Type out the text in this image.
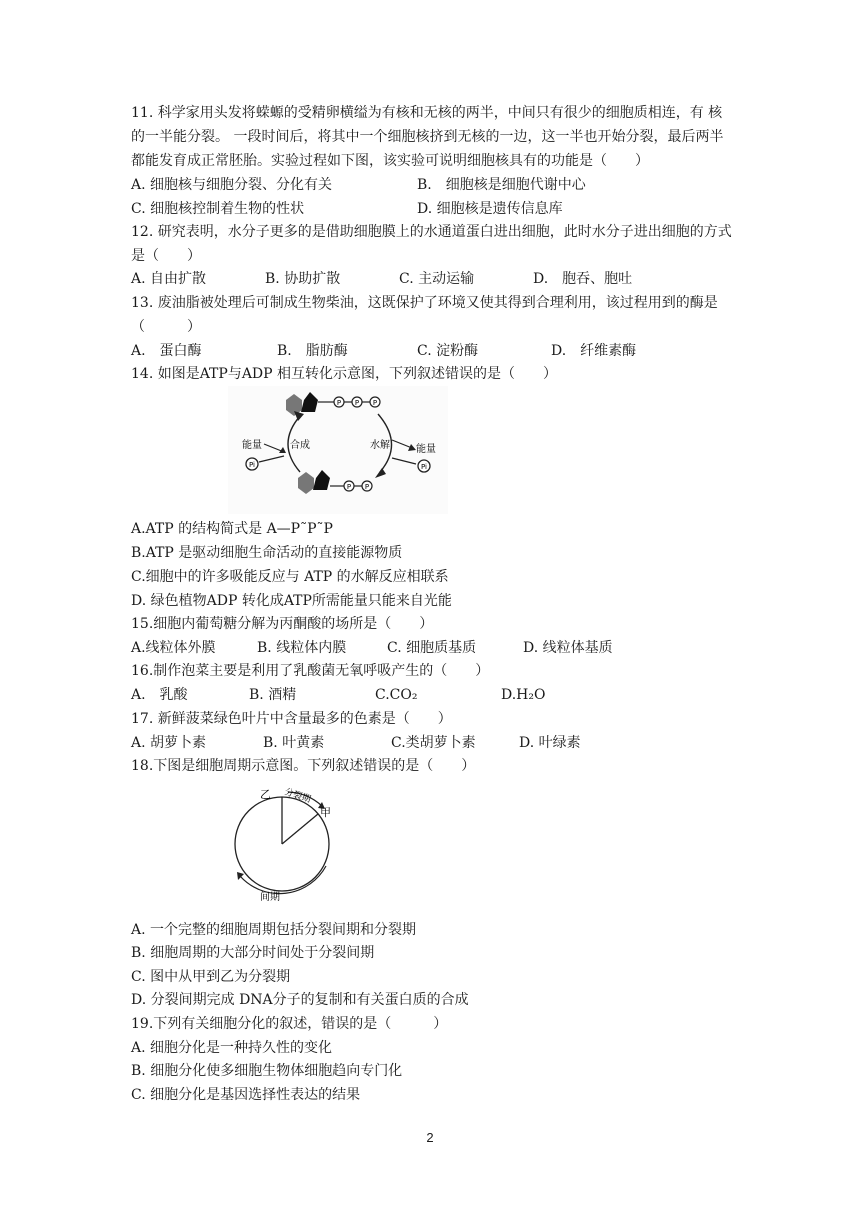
11. 科学家用头发将蝾螈的受精卵横缢为有核和无核的两半，中间只有很少的细胞质相连，有 核
的一半能分裂。 一段时间后，将其中一个细胞核挤到无核的一边，这一半也开始分裂，最后两半
都能发育成正常胚胎。实验过程如下图，该实验可说明细胞核具有的功能是（　　）
A. 细胞核与细胞分裂、分化有关	B.　细胞核是细胞代谢中心
C. 细胞核控制着生物的性状	D. 细胞核是遗传信息库
12. 研究表明，水分子更多的是借助细胞膜上的水通道蛋白进出细胞，此时水分子进出细胞的方式
是（　　）
A. 自由扩散	B. 协助扩散	C. 主动运输	D.　胞吞、胞吐
13. 废油脂被处理后可制成生物柴油，这既保护了环境又使其得到合理利用，该过程用到的酶是
（　　　）
A.　蛋白酶	B.　脂肪酶	C. 淀粉酶	D.　纤维素酶
14. 如图是ATP与ADP 相互转化示意图，下列叙述错误的是（　　）
P P P
P P
合成	水解
能量
Pi
能量
Pi
A.ATP 的结构简式是 A—P˜P˜P
B.ATP 是驱动细胞生命活动的直接能源物质
C.细胞中的许多吸能反应与 ATP 的水解反应相联系
D. 绿色植物ADP 转化成ATP所需能量只能来自光能
15.细胞内葡萄糖分解为丙酮酸的场所是（　　）
A.线粒体外膜	B. 线粒体内膜	C. 细胞质基质	D. 线粒体基质
16.制作泡菜主要是利用了乳酸菌无氧呼吸产生的（　　）
A.　乳酸	B. 酒精	C.CO₂	D.H₂O
17. 新鲜菠菜绿色叶片中含量最多的色素是（　　）
A. 胡萝卜素	B. 叶黄素	C.类胡萝卜素	D. 叶绿素
18.下图是细胞周期示意图。下列叙述错误的是（　　）
乙
甲
分裂期
间期
A. 一个完整的细胞周期包括分裂间期和分裂期
B. 细胞周期的大部分时间处于分裂间期
C. 图中从甲到乙为分裂期
D. 分裂间期完成 DNA分子的复制和有关蛋白质的合成
19.下列有关细胞分化的叙述，错误的是（　　　）
A. 细胞分化是一种持久性的变化
B. 细胞分化使多细胞生物体细胞趋向专门化
C. 细胞分化是基因选择性表达的结果
2
